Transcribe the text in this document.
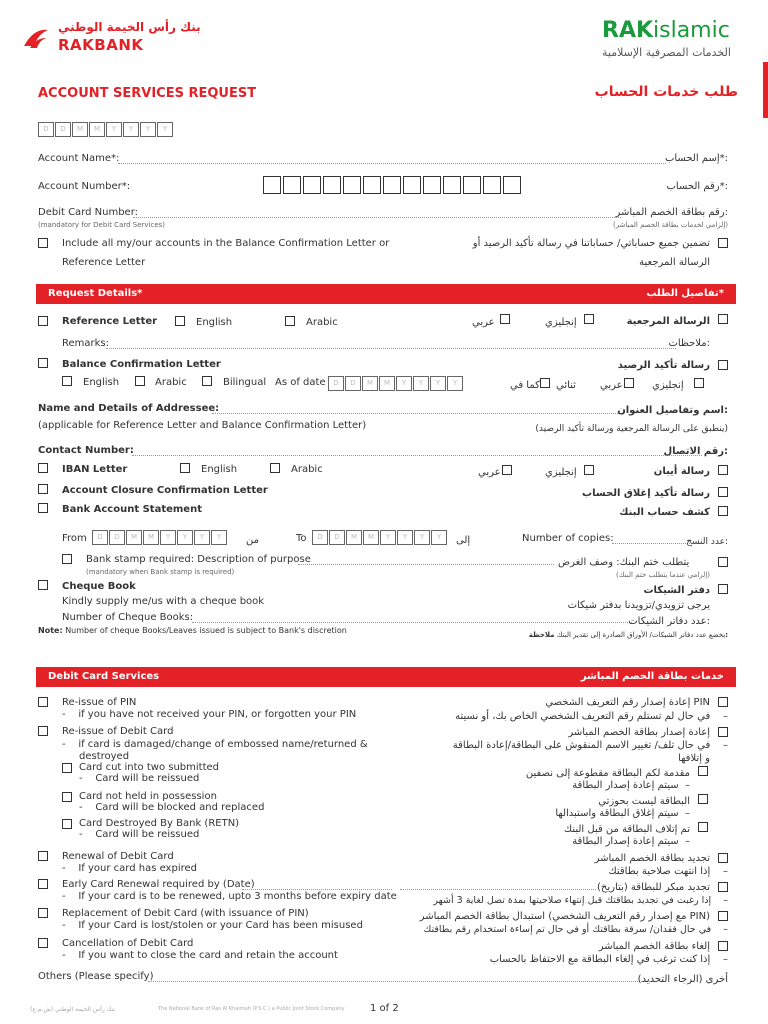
بنك رأس الخيمة الوطني
RAKBANK
RAKislamic
الخدمات المصرفية الإسلامية
ACCOUNT SERVICES REQUEST	طلب خدمات الحساب
D	D	M	M	Y	Y	Y	Y
Account Name*:	إسم الحساب*:
Account Number*:	رقم الحساب*:
Debit Card Number:	رقم بطاقة الخصم المباشر:
(mandatory for Debit Card Services)	(إلزامي لخدمات بطاقة الخصم المباشر)
Include all my/our accounts in the Balance Confirmation Letter or
Reference Letter
تضمين جميع حساباتي/ حساباتنا في رسالة تأكيد الرصيد أو
الرسالة المرجعية
Request Details*	تفاصيل الطلب*
Reference Letter	English	Arabic	عربي	إنجليزي	الرسالة المرجعية
Remarks:	ملاحظات:
Balance Confirmation Letter	رسالة تأكيد الرصيد
English	Arabic	Bilingual As of date	D	D	M	M	Y	Y	Y	Y	كما في ثنائي عربي	إنجليزي
Name and Details of Addressee:	اسم وتفاصيل العنوان:
(applicable for Reference Letter and Balance Confirmation Letter)	(ينطبق على الرسالة المرجعية ورسالة تأكيد الرصيد)
Contact Number:	رقم الاتصال:
IBAN Letter	English	Arabic	عربي	إنجليزي	رسالة أيبان
Account Closure Confirmation Letter	رسالة تأكيد إغلاق الحساب
Bank Account Statement	كشف حساب البنك
From	D	D	M	M	Y	Y	Y	Y	من	To	D	D	M	M	Y	Y	Y	Y	إلى	Number of copies:	عدد النسخ:
Bank stamp required: Description of purpose	يتطلب ختم البنك: وصف الغرض
(mandatory when Bank stamp is required)	(إلزامي عندما يتطلب ختم البنك)
Cheque Book	دفتر الشيكات
Kindly supply me/us with a cheque book	يرجى تزويدي/تزويدنا بدفتر شيكات
Number of Cheque Books:	عدد دفاتر الشيكات:
Note: Number of cheque Books/Leaves issued is subject to Bank's discretion	يخضع عدد دفاتر الشيكات/ الأوراق الصادرة إلى تقدير البنك ملاحظة:
Debit Card Services	خدمات بطاقة الخصم المباشر
Re-issue of PIN	إعادة إصدار رقم التعريف الشخصي PIN
-    if you have not received your PIN, or forgotten your PIN	في حال لم تستلم رقم التعريف الشخصي الخاص بك، أو نسيته    –
Re-issue of Debit Card	إعادة إصدار بطاقة الخصم المباشر
-    if card is damaged/change of embossed name/returned &
destroyed
في حال تلف/ تغيير الاسم المنقوش على البطاقة/إعادة البطاقة    –
و إتلافها
Card cut into two submitted
-    Card will be reissued	مقدمة لكم البطاقة مقطوعة إلى نصفين
سيتم إعادة إصدار البطاقة  –
Card not held in possession
-    Card will be blocked and replaced
البطاقة ليست بحوزتي
سيتم إغلاق البطاقة واستبدالها  –
Card Destroyed By Bank (RETN)
-    Card will be reissued	تم إتلاف البطاقة من قبل البنك
سيتم إعادة إصدار البطاقة  –
Renewal of Debit Card
-    If your card has expired
تجديد بطاقة الخصم المباشر
إذا انتهت صلاحية بطاقتك    –
Early Card Renewal required by (Date)
-    If your card is to be renewed, upto 3 months before expiry date
تجديد مبكر للبطاقة (بتاريخ)
إذا رغبت في تجديد بطاقتك قبل إنتهاء صلاحيتها بمدة تصل لغاية 3 أشهر    –
Replacement of Debit Card (with issuance of PIN)
-    If your Card is lost/stolen or your Card has been misused
استبدال بطاقة الخصم المباشر (مع إصدار رقم التعريف الشخصي PIN)
في حال فقدان/ سرقة بطاقتك أو في حال تم إساءة استخدام رقم بطاقتك    –
Cancellation of Debit Card
-    If you want to close the card and retain the account
إلغاء بطاقة الخصم المباشر
إذا كنت ترغب في إلغاء البطاقة مع الاحتفاظ بالحساب    –
Others (Please specify)	أخرى (الرجاء التحديد)
بنك رأس الخيمة الوطني (ش.م.ع)	The National Bank of Ras Al Khaimah (P.S.C.) a Public Joint Stock Company	1 of 2
